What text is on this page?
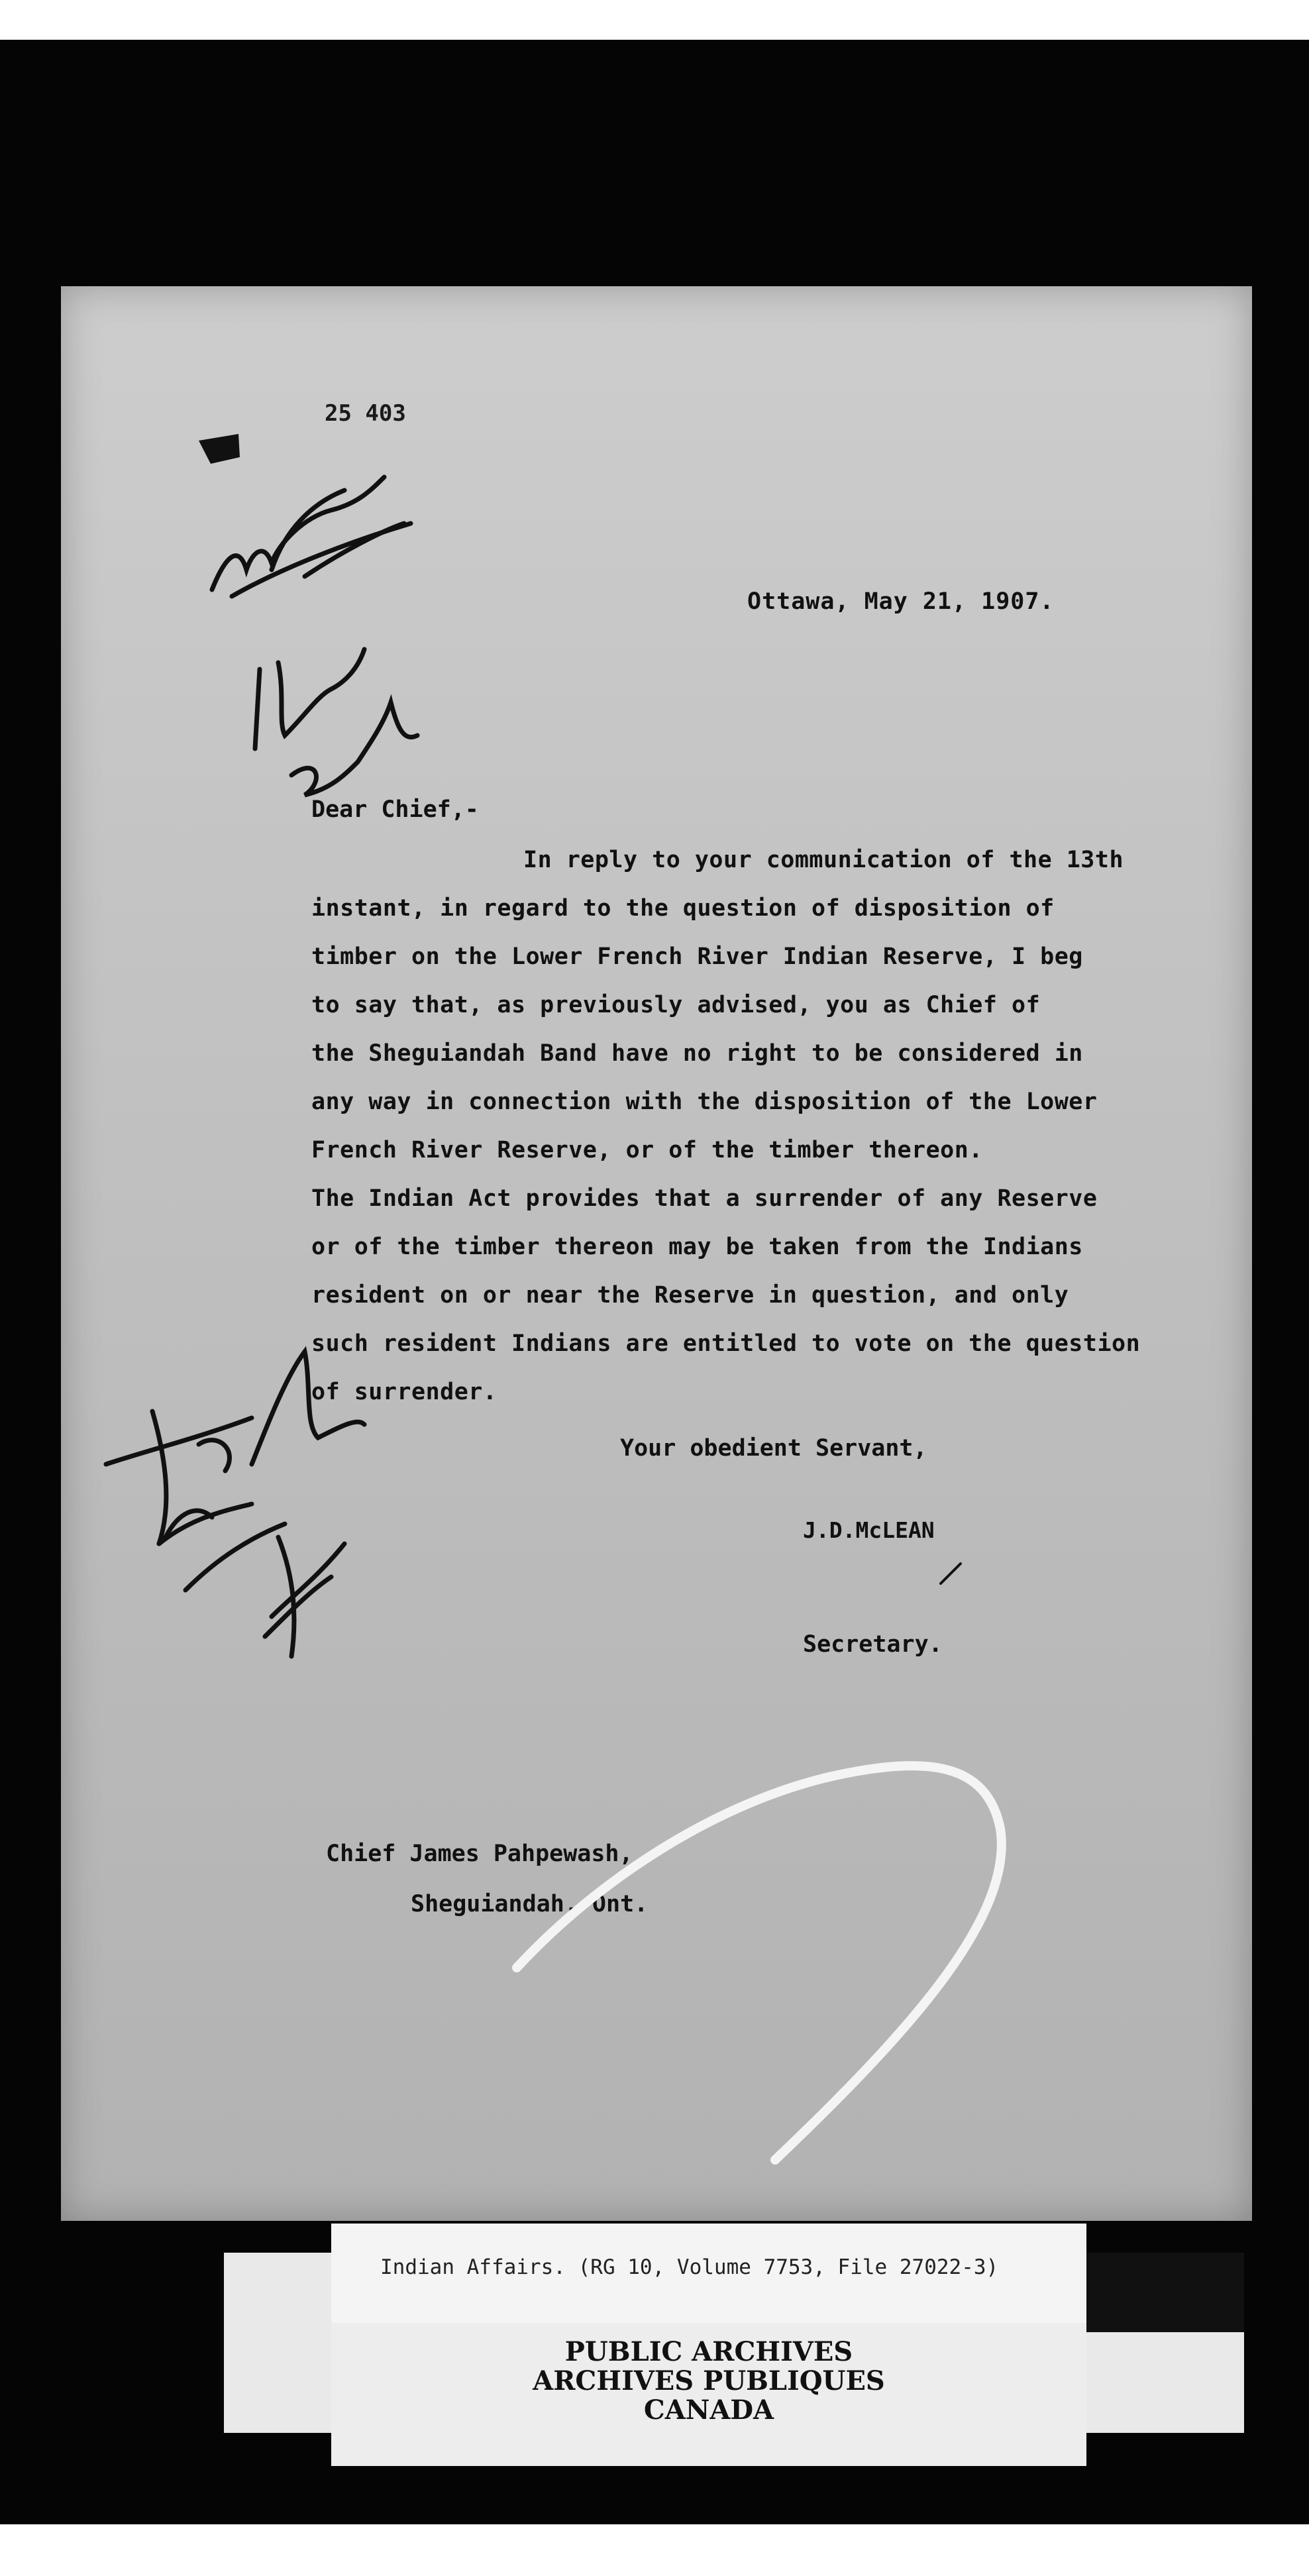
25 403
Ottawa, May 21, 1907.
Dear Chief,-
In reply to your communication of the 13th
instant, in regard to the question of disposition of
timber on the Lower French River Indian Reserve, I beg
to say that, as previously advised, you as Chief of
the Sheguiandah Band have no right to be considered in
any way in connection with the disposition of the Lower
French River Reserve, or of the timber thereon.
The Indian Act provides that a surrender of any Reserve
or of the timber thereon may be taken from the Indians
resident on or near the Reserve in question, and only
such resident Indians are entitled to vote on the question
of surrender.
Your obedient Servant,
J.D.McLEAN
Secretary.
Chief James Pahpewash,
Sheguiandah, Ont.
Indian Affairs. (RG 10, Volume 7753, File 27022-3)
PUBLIC ARCHIVES
ARCHIVES PUBLIQUES
CANADA
